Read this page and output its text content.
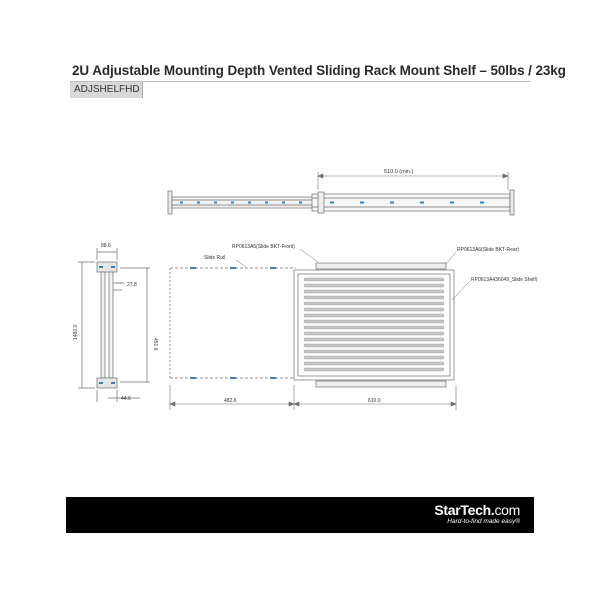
2U Adjustable Mounting Depth Vented Sliding Rack Mount Shelf – 50lbs / 23kg
ADJSHELFHD
510.0 (min.)
88.6
27.8
1480.0
451.6
44.6
RP0613A5(Slide BKT-Front)	RP0613A6(Slide BKT-Rear)
Slide Rail
RP0613A436049_Slide Shelf)
482.6	610.0
StarTech.com
Hard-to-find made easy®
